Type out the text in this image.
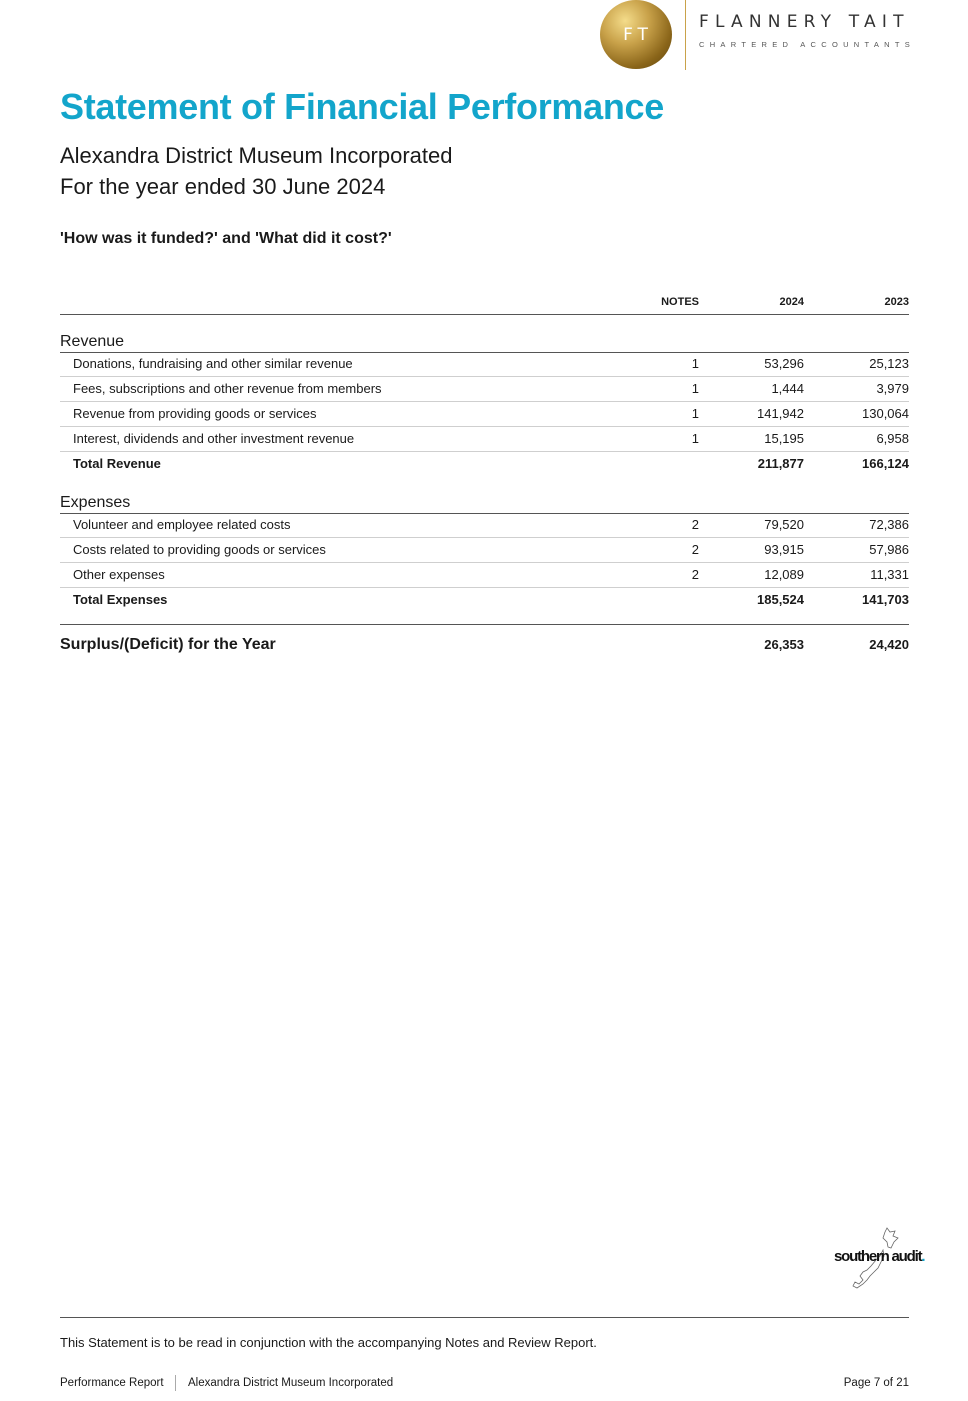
FT
FLANNERY TAIT
CHARTERED ACCOUNTANTS
Statement of Financial Performance
Alexandra District Museum Incorporated
For the year ended 30 June 2024
'How was it funded?' and 'What did it cost?'
NOTES	2024	2023
Revenue
Donations, fundraising and other similar revenue	1	53,296	25,123
Fees, subscriptions and other revenue from members	1	1,444	3,979
Revenue from providing goods or services	1	141,942	130,064
Interest, dividends and other investment revenue	1	15,195	6,958
Total Revenue	211,877	166,124
Expenses
Volunteer and employee related costs	2	79,520	72,386
Costs related to providing goods or services	2	93,915	57,986
Other expenses	2	12,089	11,331
Total Expenses	185,524	141,703
Surplus/(Deficit) for the Year	26,353	24,420
southern audit.
This Statement is to be read in conjunction with the accompanying Notes and Review Report.
Performance Report Alexandra District Museum Incorporated	Page 7 of 21
